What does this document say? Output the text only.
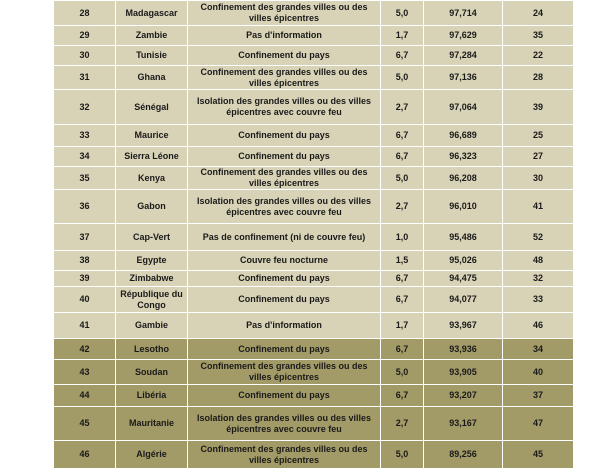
28	Madagascar	Confinement des grandes villes ou des villes épicentres	5,0	97,714	24
29	Zambie	Pas d'information	1,7	97,629	35
30	Tunisie	Confinement du pays	6,7	97,284	22
31	Ghana	Confinement des grandes villes ou des villes épicentres	5,0	97,136	28
32	Sénégal	Isolation des grandes villes ou des villes épicentres avec couvre feu	2,7	97,064	39
33	Maurice	Confinement du pays	6,7	96,689	25
34	Sierra Léone	Confinement du pays	6,7	96,323	27
35	Kenya	Confinement des grandes villes ou des villes épicentres	5,0	96,208	30
36	Gabon	Isolation des grandes villes ou des villes épicentres avec couvre feu	2,7	96,010	41
37	Cap-Vert	Pas de confinement (ni de couvre feu)	1,0	95,486	52
38	Egypte	Couvre feu nocturne	1,5	95,026	48
39	Zimbabwe	Confinement du pays	6,7	94,475	32
40	République du Congo	Confinement du pays	6,7	94,077	33
41	Gambie	Pas d'information	1,7	93,967	46
42	Lesotho	Confinement du pays	6,7	93,936	34
43	Soudan	Confinement des grandes villes ou des villes épicentres	5,0	93,905	40
44	Libéria	Confinement du pays	6,7	93,207	37
45	Mauritanie	Isolation des grandes villes ou des villes épicentres avec couvre feu	2,7	93,167	47
46	Algérie	Confinement des grandes villes ou des villes épicentres	5,0	89,256	45
